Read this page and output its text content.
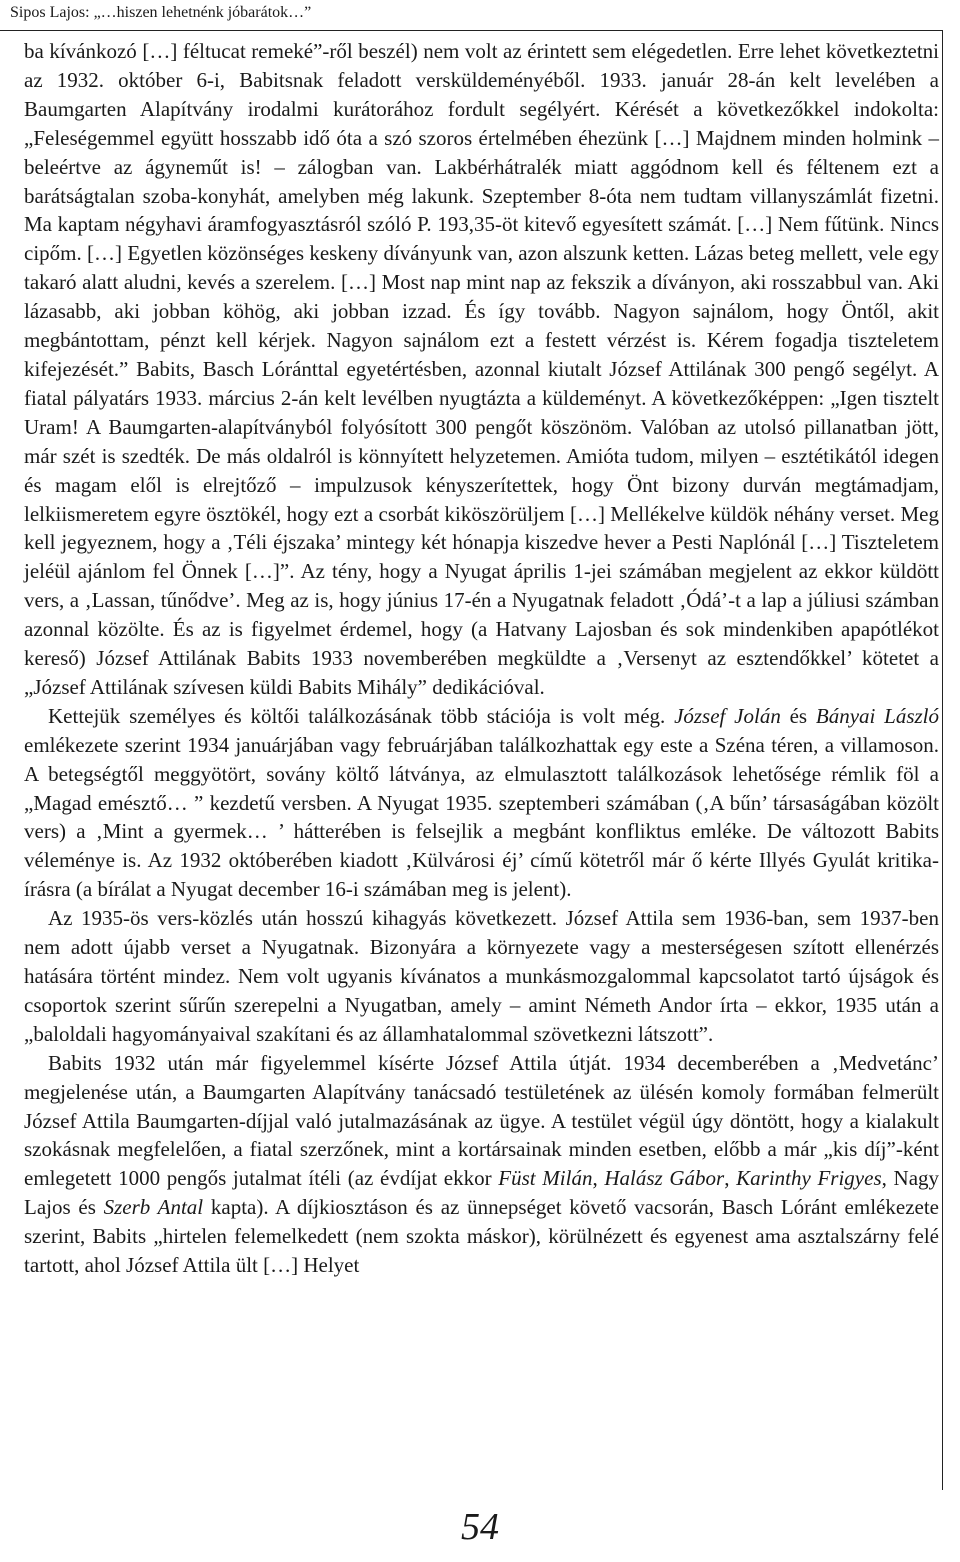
Sipos Lajos: „…hiszen lehetnénk jóbarátok…”

ba kívánkozó […] féltucat remeké”-ről beszél) nem volt az érintett sem elégedetlen. Erre lehet következtetni az 1932. október 6-i, Babitsnak feladott versküldeményéből. 1933. január 28-án kelt levelében a Baumgarten Alapítvány irodalmi kurátorához fordult segélyért. Kérését a következőkkel indokolta: „Feleségemmel együtt hosszabb idő óta a szó szoros értelmében éhezünk […] Majdnem minden holmink – beleértve az ágyneműt is! – zálogban van. Lakbérhátralék miatt aggódnom kell és féltenem ezt a barátságtalan szoba-konyhát, amelyben még lakunk. Szeptember 8-óta nem tudtam villanyszámlát fizetni. Ma kaptam négyhavi áramfogyasztásról szóló P. 193,35-öt kitevő egyesített számát. […] Nem fűtünk. Nincs cipőm. […] Egyetlen közönséges keskeny díványunk van, azon alszunk ketten. Lázas beteg mellett, vele egy takaró alatt aludni, kevés a szerelem. […] Most nap mint nap az fekszik a díványon, aki rosszabbul van. Aki lázasabb, aki jobban köhög, aki jobban izzad. És így tovább. Nagyon sajnálom, hogy Öntől, akit megbántottam, pénzt kell kérjek. Nagyon sajnálom ezt a festett vérzést is. Kérem fogadja tiszteletem kifejezését.” Babits, Basch Lóránttal egyetértésben, azonnal kiutalt József Attilának 300 pengő segélyt. A fiatal pályatárs 1933. március 2-án kelt levélben nyugtázta a küldeményt. A következőképpen: „Igen tisztelt Uram! A Baumgarten-alapítványból folyósított 300 pengőt köszönöm. Valóban az utolsó pillanatban jött, már szét is szedték. De más oldalról is könnyített helyzetemen. Amióta tudom, milyen – esztétikától idegen és magam elől is elrejtőző – impulzusok kényszerítettek, hogy Önt bizony durván megtámadjam, lelkiismeretem egyre ösztökél, hogy ezt a csorbát kiköszörüljem […] Mellékelve küldök néhány verset. Meg kell jegyeznem, hogy a ‚Téli éjszaka’ mintegy két hónapja kiszedve hever a Pesti Naplónál […] Tiszteletem jeléül ajánlom fel Önnek […]”. Az tény, hogy a Nyugat április 1-jei számában megjelent az ekkor küldött vers, a ‚Lassan, tűnődve’. Meg az is, hogy június 17-én a Nyugatnak feladott ‚Ódá’-t a lap a júliusi számban azonnal közölte. És az is figyelmet érdemel, hogy (a Hatvany Lajosban és sok mindenkiben apapótlékot kereső) József Attilának Babits 1933 novemberében megküldte a ‚Versenyt az esztendőkkel’ kötetet a „József Attilának szívesen küldi Babits Mihály” dedikációval.

Kettejük személyes és költői találkozásának több stációja is volt még. József Jolán és Bányai László emlékezete szerint 1934 januárjában vagy februárjában találkozhattak egy este a Széna téren, a villamoson. A betegségtől meggyötört, sovány költő látványa, az elmulasztott találkozások lehetősége rémlik föl a „Magad emésztő… ” kezdetű versben. A Nyugat 1935. szeptemberi számában (‚A bűn’ társaságában közölt vers) a ‚Mint a gyermek… ’ hátterében is felsejlik a megbánt konfliktus emléke. De változott Babits véleménye is. Az 1932 októberében kiadott ‚Külvárosi éj’ című kötetről már ő kérte Illyés Gyulát kritika-írásra (a bírálat a Nyugat december 16-i számában meg is jelent).

Az 1935-ös vers-közlés után hosszú kihagyás következett. József Attila sem 1936-ban, sem 1937-ben nem adott újabb verset a Nyugatnak. Bizonyára a környezete vagy a mesterségesen szított ellenérzés hatására történt mindez. Nem volt ugyanis kívánatos a munkásmozgalommal kapcsolatot tartó újságok és csoportok szerint sűrűn szerepelni a Nyugatban, amely – amint Németh Andor írta – ekkor, 1935 után a „baloldali hagyományaival szakítani és az államhatalommal szövetkezni látszott”.

Babits 1932 után már figyelemmel kísérte József Attila útját. 1934 decemberében a ‚Medvetánc’ megjelenése után, a Baumgarten Alapítvány tanácsadó testületének az ülésén komoly formában felmerült József Attila Baumgarten-díjjal való jutalmazásának az ügye. A testület végül úgy döntött, hogy a kialakult szokásnak megfelelően, a fiatal szerzőnek, mint a kortársainak minden esetben, előbb a már „kis díj”-ként emlegetett 1000 pengős jutalmat ítéli (az évdíjat ekkor Füst Milán, Halász Gábor, Karinthy Frigyes, Nagy Lajos és Szerb Antal kapta). A díjkiosztáson és az ünnepséget követő vacsorán, Basch Lóránt emlékezete szerint, Babits „hirtelen felemelkedett (nem szokta máskor), körülnézett és egyenest ama asztalszárny felé tartott, ahol József Attila ült […] Helyet

54
